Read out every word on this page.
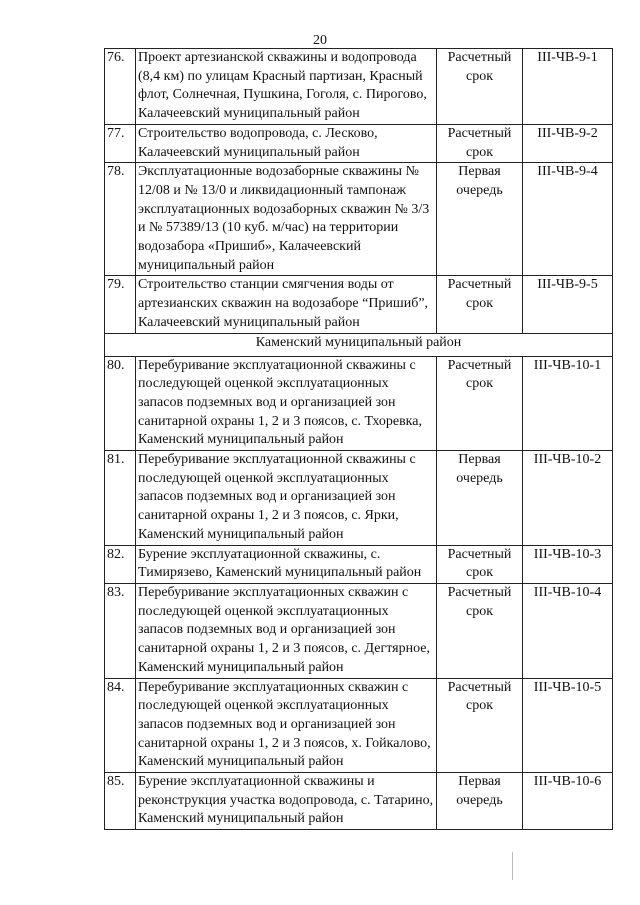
20
76.	Проект артезианской скважины и водопровода (8,4 км) по улицам Красный партизан, Красный флот, Солнечная, Пушкина, Гоголя, с. Пирогово, Калачеевский муниципальный район	Расчетный срок	III-ЧВ-9-1
77.	Строительство водопровода, с. Лесково, Калачеевский муниципальный район	Расчетный срок	III-ЧВ-9-2
78.	Эксплуатационные водозаборные скважины № 12/08 и № 13/0 и ликвидационный тампонаж эксплуатационных водозаборных скважин № 3/3 и № 57389/13 (10 куб. м/час) на территории водозабора «Пришиб», Калачеевский муниципальный район	Первая очередь	III-ЧВ-9-4
79.	Строительство станции смягчения воды от артезианских скважин на водозаборе “Пришиб”, Калачеевский муниципальный район	Расчетный срок	III-ЧВ-9-5
Каменский муниципальный район			
80.	Перебуривание эксплуатационной скважины с последующей оценкой эксплуатационных запасов подземных вод и организацией зон санитарной охраны 1, 2 и 3 поясов, с. Тхоревка, Каменский муниципальный район	Расчетный срок	III-ЧВ-10-1
81.	Перебуривание эксплуатационной скважины с последующей оценкой эксплуатационных запасов подземных вод и организацией зон санитарной охраны 1, 2 и 3 поясов, с. Ярки, Каменский муниципальный район	Первая очередь	III-ЧВ-10-2
82.	Бурение эксплуатационной скважины, с. Тимирязево, Каменский муниципальный район	Расчетный срок	III-ЧВ-10-3
83.	Перебуривание эксплуатационных скважин с последующей оценкой эксплуатационных запасов подземных вод и организацией зон санитарной охраны 1, 2 и 3 поясов, с. Дегтярное, Каменский муниципальный район	Расчетный срок	III-ЧВ-10-4
84.	Перебуривание эксплуатационных скважин с последующей оценкой эксплуатационных запасов подземных вод и организацией зон санитарной охраны 1, 2 и 3 поясов, х. Гойкалово, Каменский муниципальный район	Расчетный срок	III-ЧВ-10-5
85.	Бурение эксплуатационной скважины и реконструкция участка водопровода, с. Татарино, Каменский муниципальный район	Первая очередь	III-ЧВ-10-6
